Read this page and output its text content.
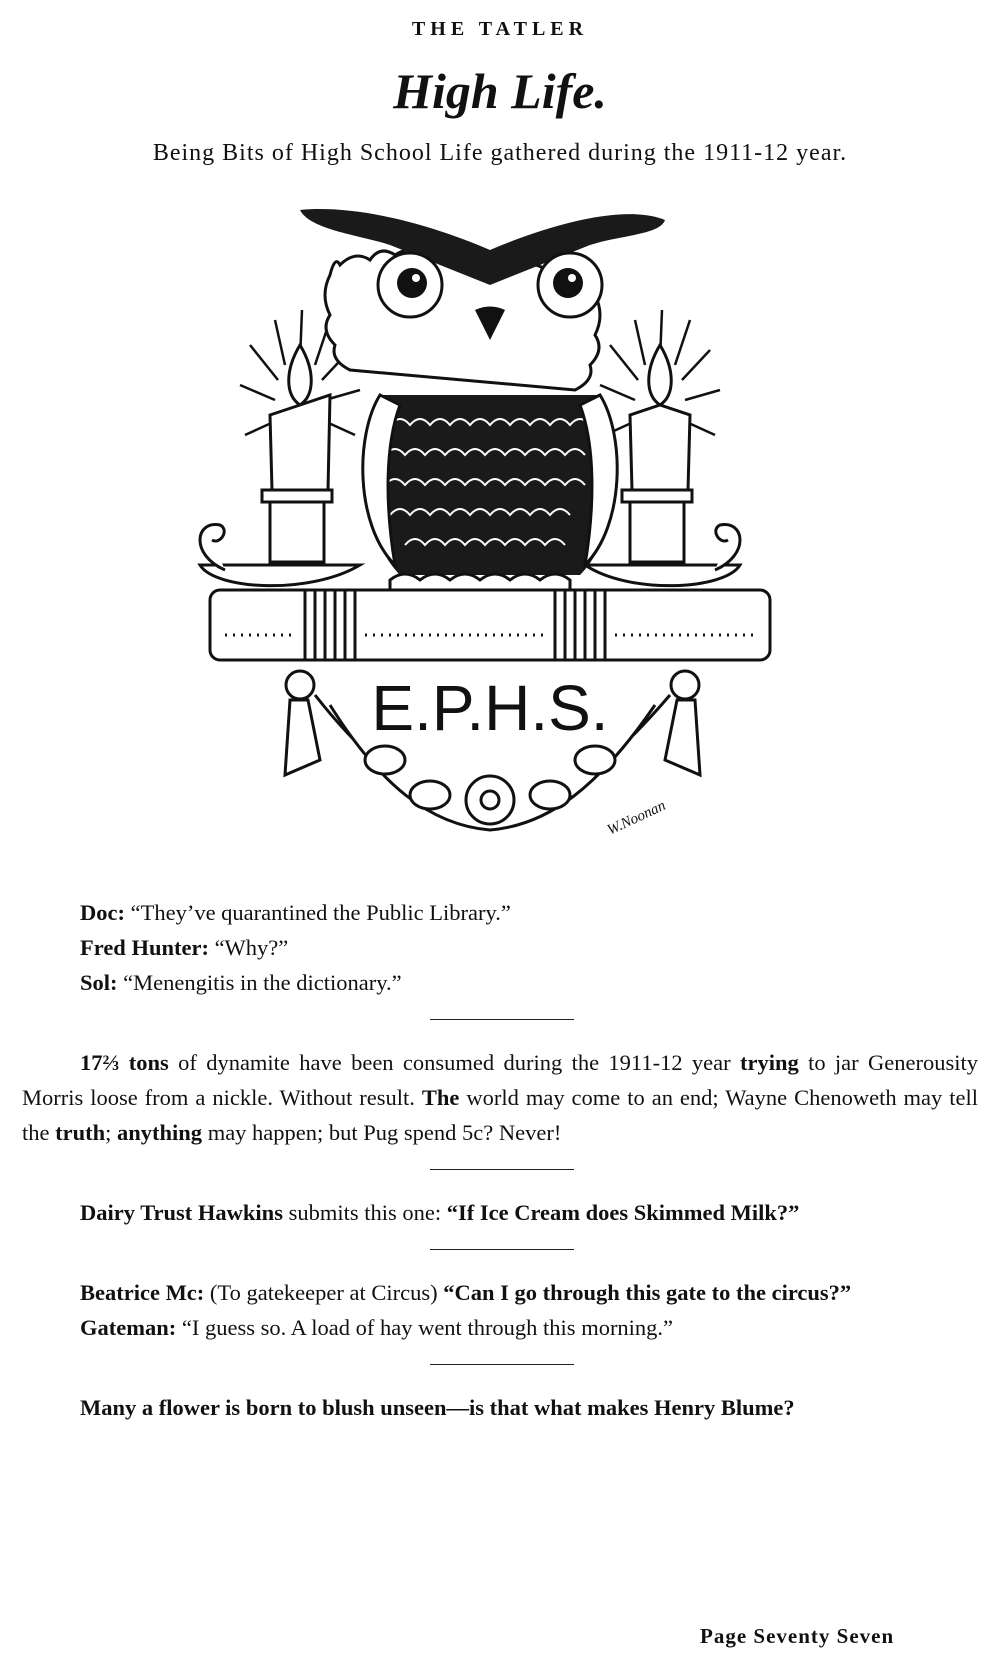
THE TATLER
High Life.
Being Bits of High School Life gathered during the 1911-12 year.
E.P.H.S.
W.Noonan

Doc: “They’ve quarantined the Public Library.”

Fred Hunter: “Why?”

Sol: “Menengitis in the dictionary.”

17⅔ tons of dynamite have been consumed during the 1911-12 year trying to jar Generousity Morris loose from a nickle. Without result. The world may come to an end; Wayne Chenoweth may tell the truth; anything may happen; but Pug spend 5c? Never!

Dairy Trust Hawkins submits this one: “If Ice Cream does Skimmed Milk?”

Beatrice Mc: (To gatekeeper at Circus) “Can I go through this gate to the circus?”

Gateman: “I guess so. A load of hay went through this morning.”

Many a flower is born to blush unseen—is that what makes Henry Blume?

Page Seventy Seven
